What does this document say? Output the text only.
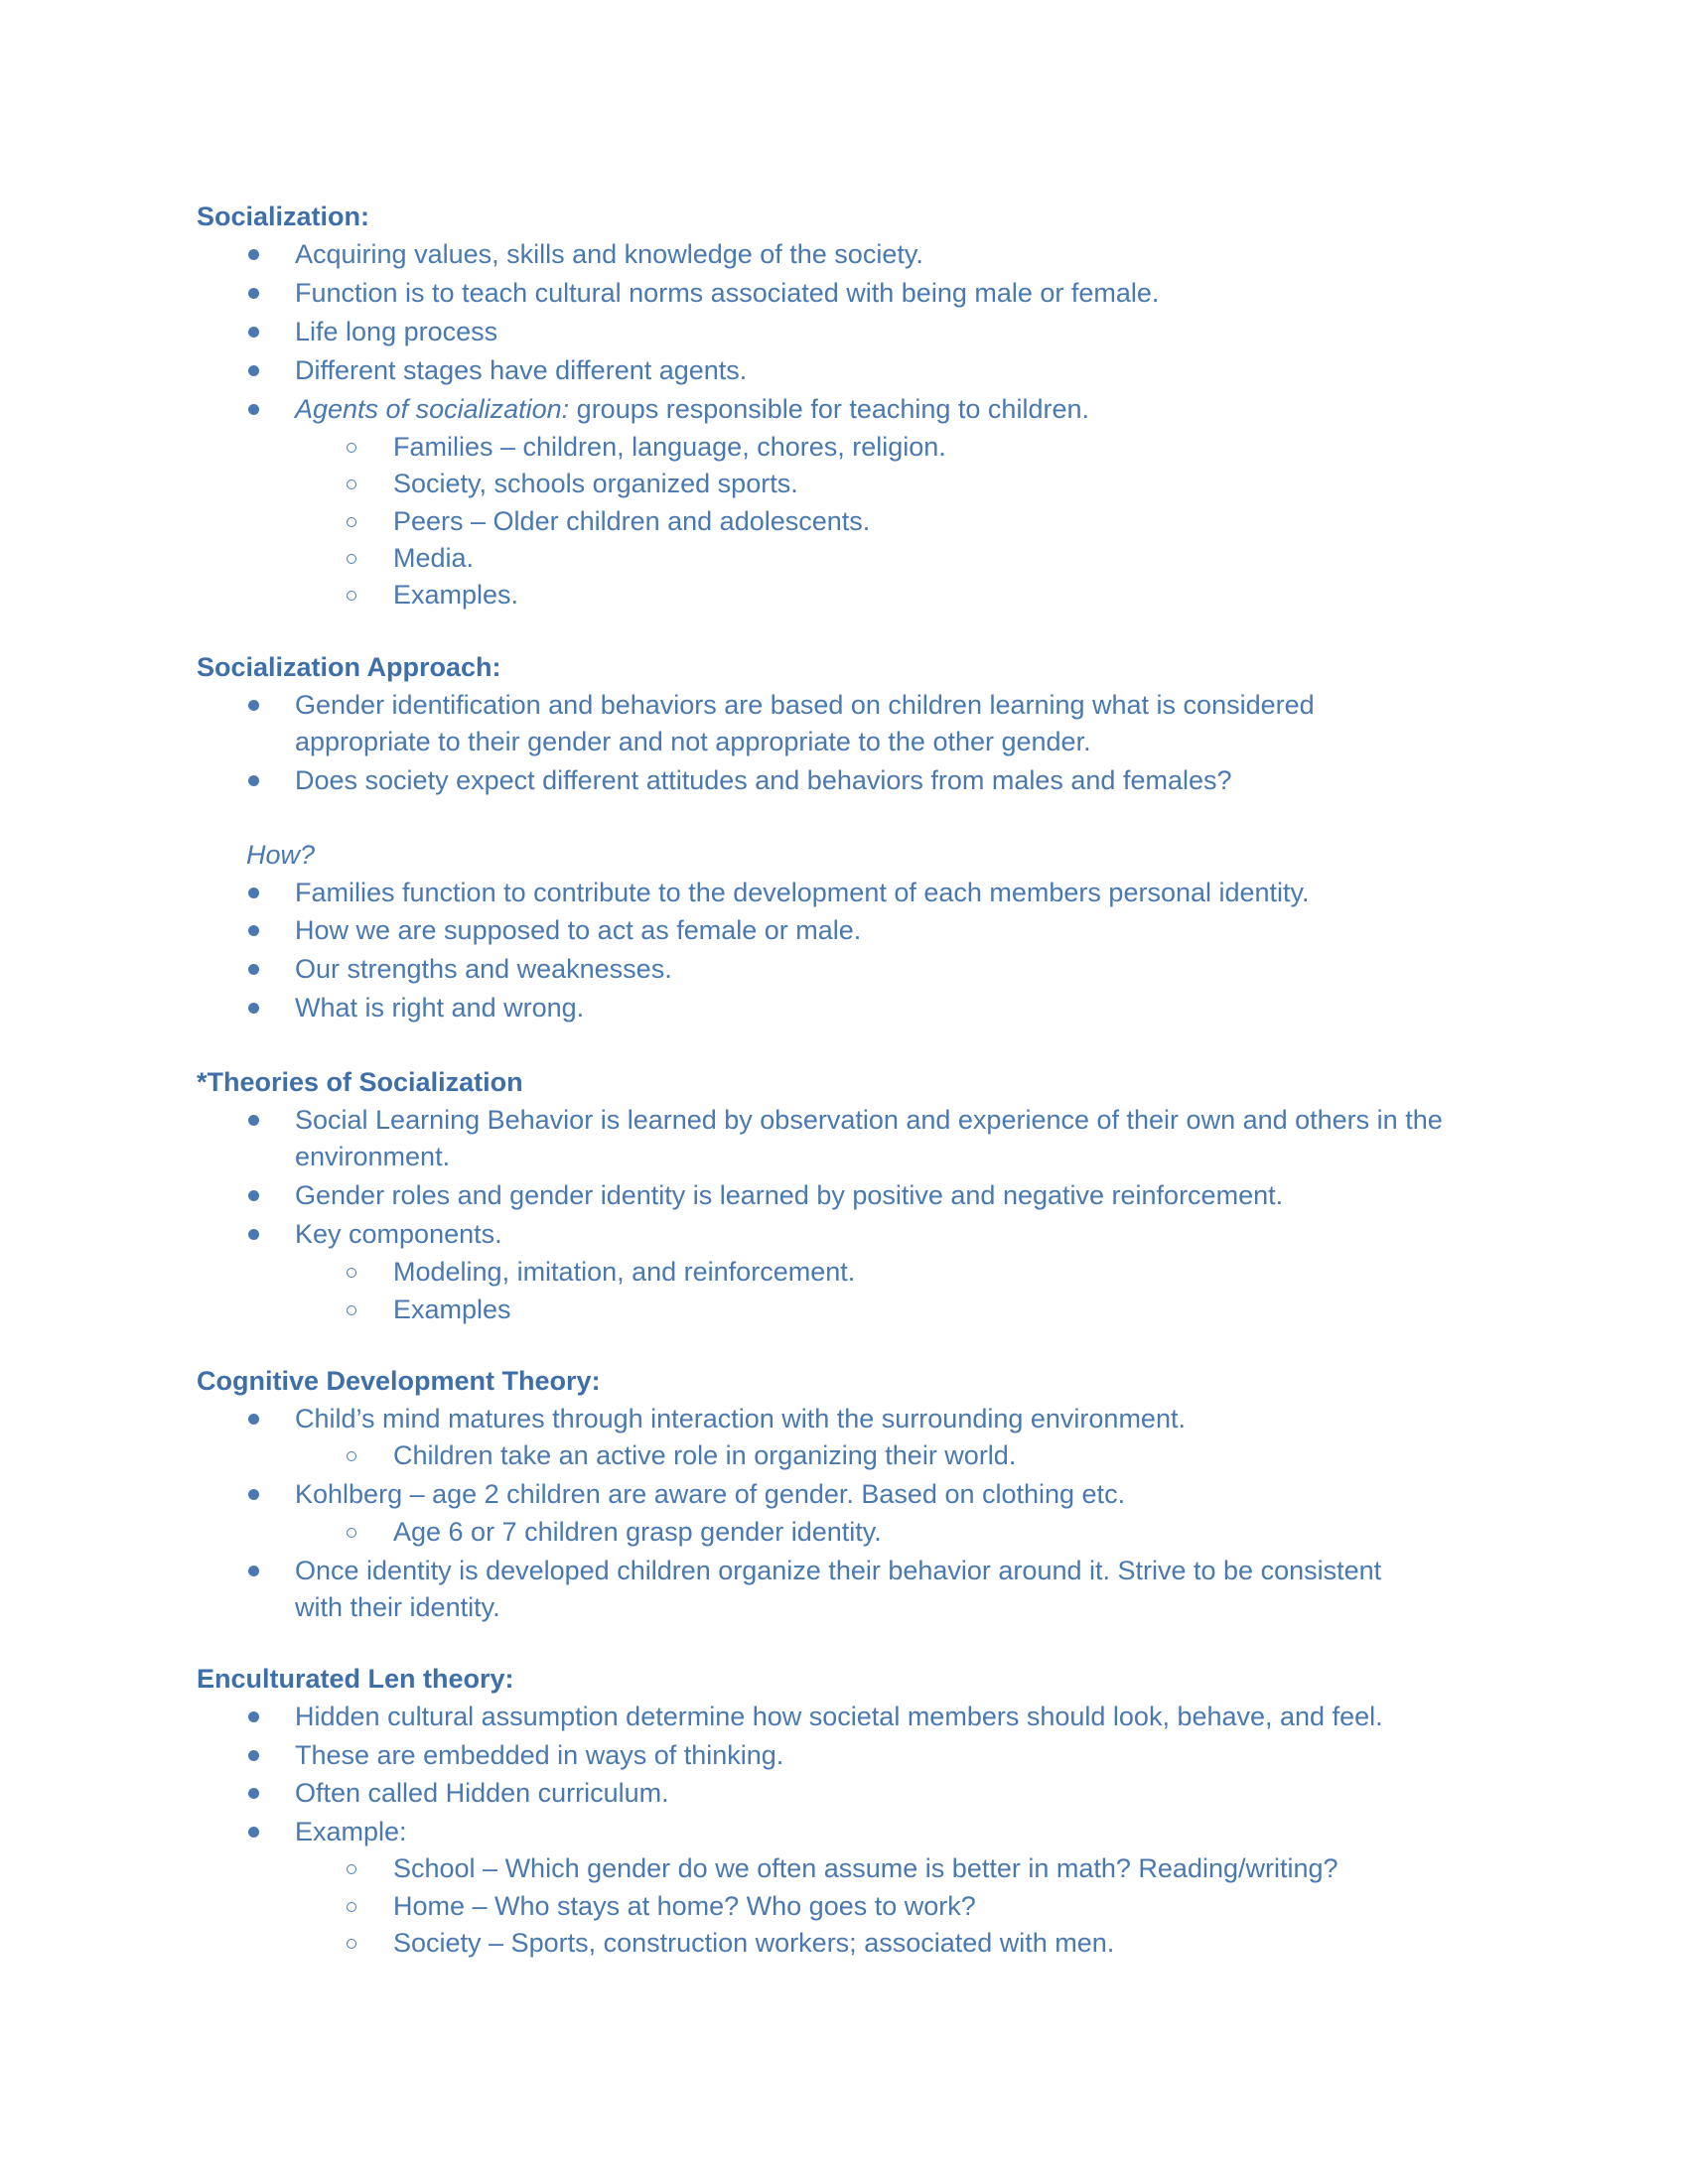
Socialization:
Acquiring values, skills and knowledge of the society.
Function is to teach cultural norms associated with being male or female.
Life long process
Different stages have different agents.
Agents of socialization: groups responsible for teaching to children.
Families – children, language, chores, religion.
Society, schools organized sports.
Peers – Older children and adolescents.
Media.
Examples.
Socialization Approach:
Gender identification and behaviors are based on children learning what is considered
appropriate to their gender and not appropriate to the other gender.
Does society expect different attitudes and behaviors from males and females?
How?
Families function to contribute to the development of each members personal identity.
How we are supposed to act as female or male.
Our strengths and weaknesses.
What is right and wrong.
*Theories of Socialization
Social Learning Behavior is learned by observation and experience of their own and others in the
environment.
Gender roles and gender identity is learned by positive and negative reinforcement.
Key components.
Modeling, imitation, and reinforcement.
Examples
Cognitive Development Theory:
Child’s mind matures through interaction with the surrounding environment.
Children take an active role in organizing their world.
Kohlberg – age 2 children are aware of gender. Based on clothing etc.
Age 6 or 7 children grasp gender identity.
Once identity is developed children organize their behavior around it. Strive to be consistent
with their identity.
Enculturated Len theory:
Hidden cultural assumption determine how societal members should look, behave, and feel.
These are embedded in ways of thinking.
Often called Hidden curriculum.
Example:
School – Which gender do we often assume is better in math? Reading/writing?
Home – Who stays at home? Who goes to work?
Society – Sports, construction workers; associated with men.
